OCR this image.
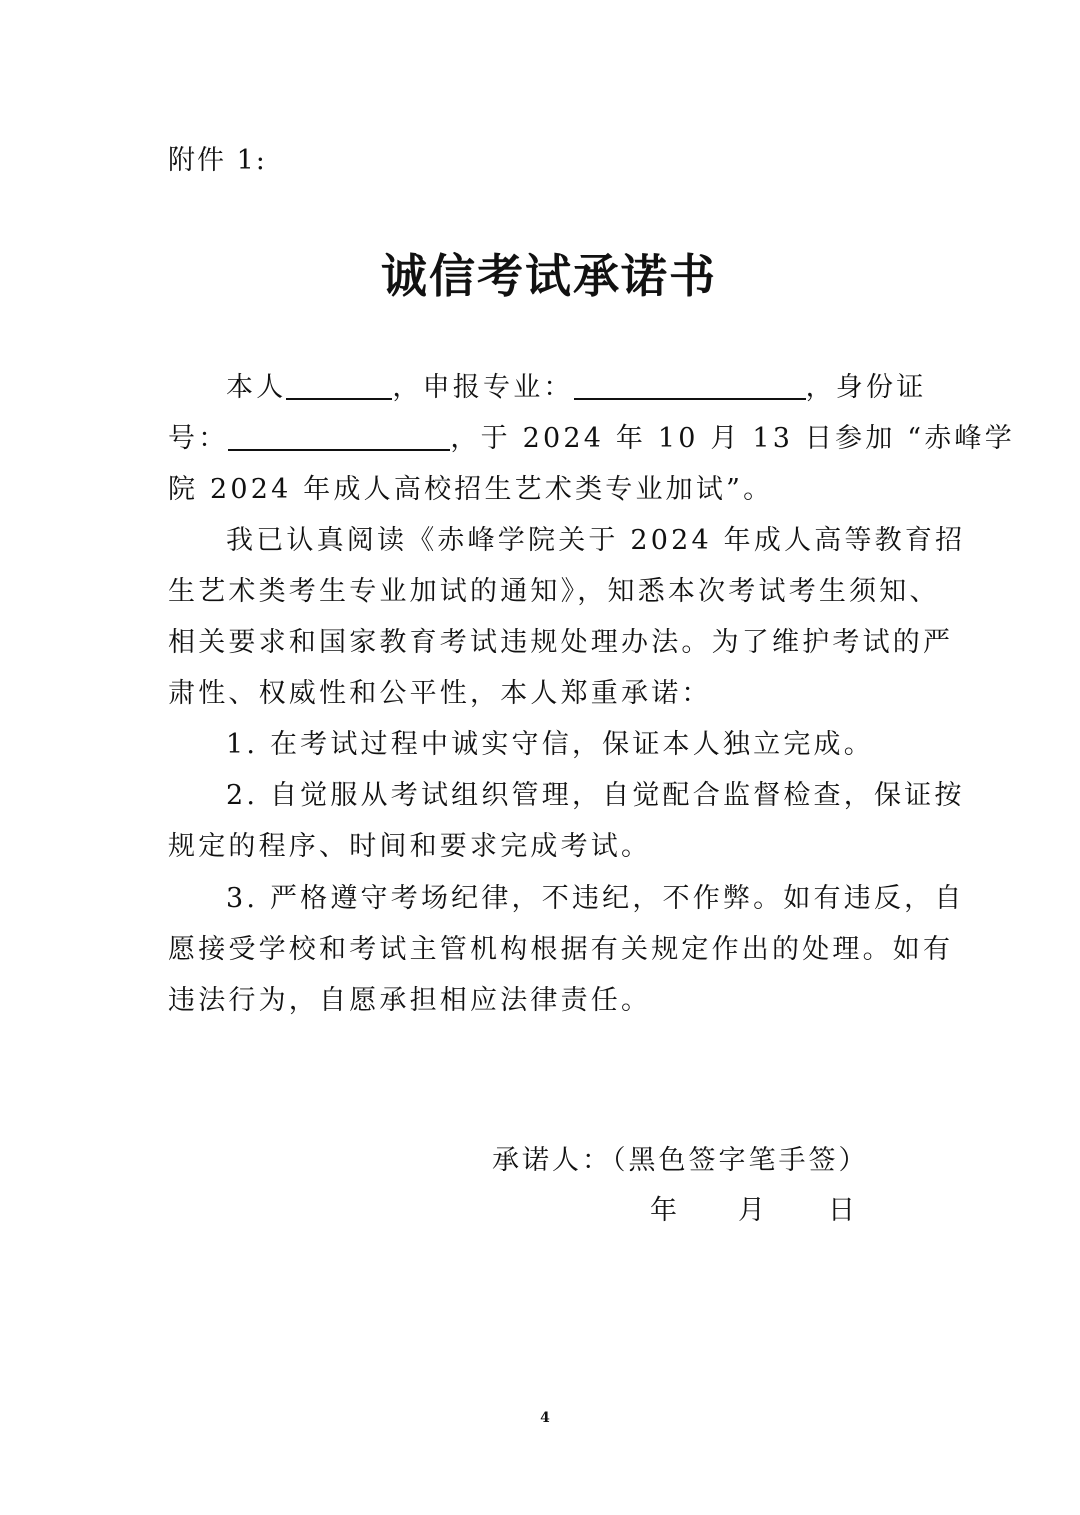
附件 1:
诚信考试承诺书
本人	，申报专业：	，身份证
号：	，于 2024 年 10 月 13 日参加 “赤峰学
院 2024 年成人高校招生艺术类专业加试”。
我已认真阅读《赤峰学院关于 2024 年成人高等教育招
生艺术类考生专业加试的通知》，知悉本次考试考生须知、
相关要求和国家教育考试违规处理办法。为了维护考试的严
肃性、权威性和公平性，本人郑重承诺：
1. 在考试过程中诚实守信，保证本人独立完成。
2. 自觉服从考试组织管理，自觉配合监督检查，保证按
规定的程序、时间和要求完成考试。
3. 严格遵守考场纪律，不违纪，不作弊。如有违反，自
愿接受学校和考试主管机构根据有关规定作出的处理。如有
违法行为，自愿承担相应法律责任。
承诺人：（黑色签字笔手签）
年 月 日
4
